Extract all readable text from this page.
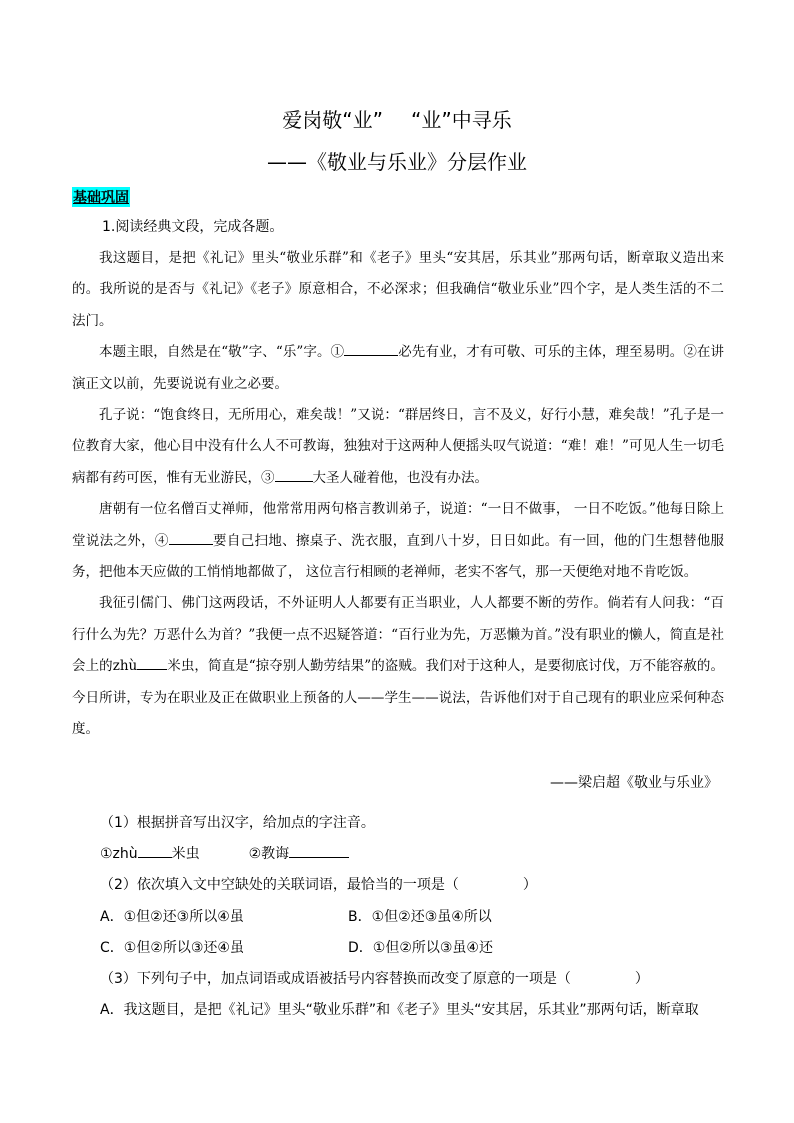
爱岗敬“业” “业”中寻乐
——《敬业与乐业》分层作业
基础巩固
1.阅读经典文段，完成各题。

我这题目，是把《礼记》里头“敬业乐群”和《老子》里头“安其居，乐其业”那两句话，断章取义造出来的。我所说的是否与《礼记》《老子》原意相合，不必深求；但我确信“敬业乐业”四个字，是人类生活的不二法门。

本题主眼，自然是在“敬”字、“乐”字。①	必先有业，才有可敬、可乐的主体，理至易明。②在讲演正文以前，先要说说有业之必要。

孔子说：“饱食终日，无所用心，难矣哉！”又说：“群居终日，言不及义，好行小慧，难矣哉！”孔子是一位教育大家，他心目中没有什么人不可教诲，独独对于这两种人便摇头叹气说道：“难！难！”可见人生一切毛病都有药可医，惟有无业游民，③	大圣人碰着他，也没有办法。

唐朝有一位名僧百丈禅师，他常常用两句格言教训弟子，说道：“一日不做事， 一日不吃饭。”他每日除上堂说法之外，④	要自己扫地、擦桌子、洗衣服，直到八十岁，日日如此。有一回，他的门生想替他服务，把他本天应做的工悄悄地都做了， 这位言行相顾的老禅师，老实不客气，那一天便绝对地不肯吃饭。

我征引儒门、佛门这两段话，不外证明人人都要有正当职业，人人都要不断的劳作。倘若有人问我：“百行什么为先？万恶什么为首？”我便一点不迟疑答道：“百行业为先，万恶懒为首。”没有职业的懒人，简直是社会上的zhù 米虫，简直是“掠夺别人勤劳结果”的盗贼。我们对于这种人，是要彻底讨伐，万不能容赦的。今日所讲，专为在职业及正在做职业上预备的人——学生——说法，告诉他们对于自己现有的职业应采何种态度。

——梁启超《敬业与乐业》
（1）根据拼音写出汉字，给加点的字注音。
①zhù 米虫	②教诲
（2）依次填入文中空缺处的关联词语，最恰当的一项是（	）
A．①但②还③所以④虽	B．①但②还③虽④所以
C．①但②所以③还④虽	D．①但②所以③虽④还
（3）下列句子中，加点词语或成语被括号内容替换而改变了原意的一项是（	）
A．我这题目，是把《礼记》里头“敬业乐群”和《老子》里头“安其居，乐其业”那两句话，断章取
